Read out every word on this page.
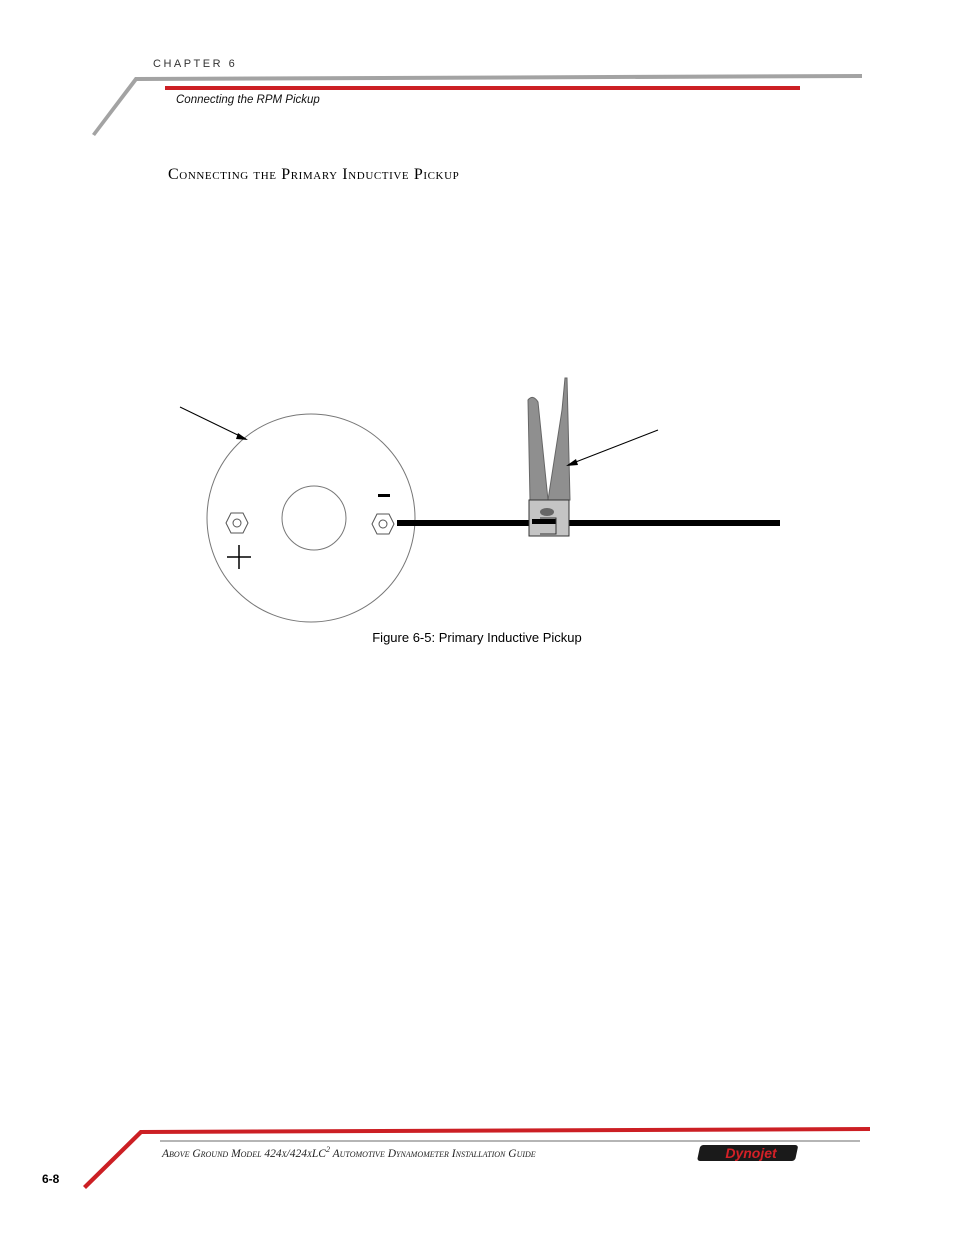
CHAPTER 6
Connecting the RPM Pickup
Connecting the Primary Inductive Pickup
Figure 6-5: Primary Inductive Pickup
Above Ground Model 424x/424xLC$^2$ Automotive Dynamometer Installation Guide
6-8
Dynojet
